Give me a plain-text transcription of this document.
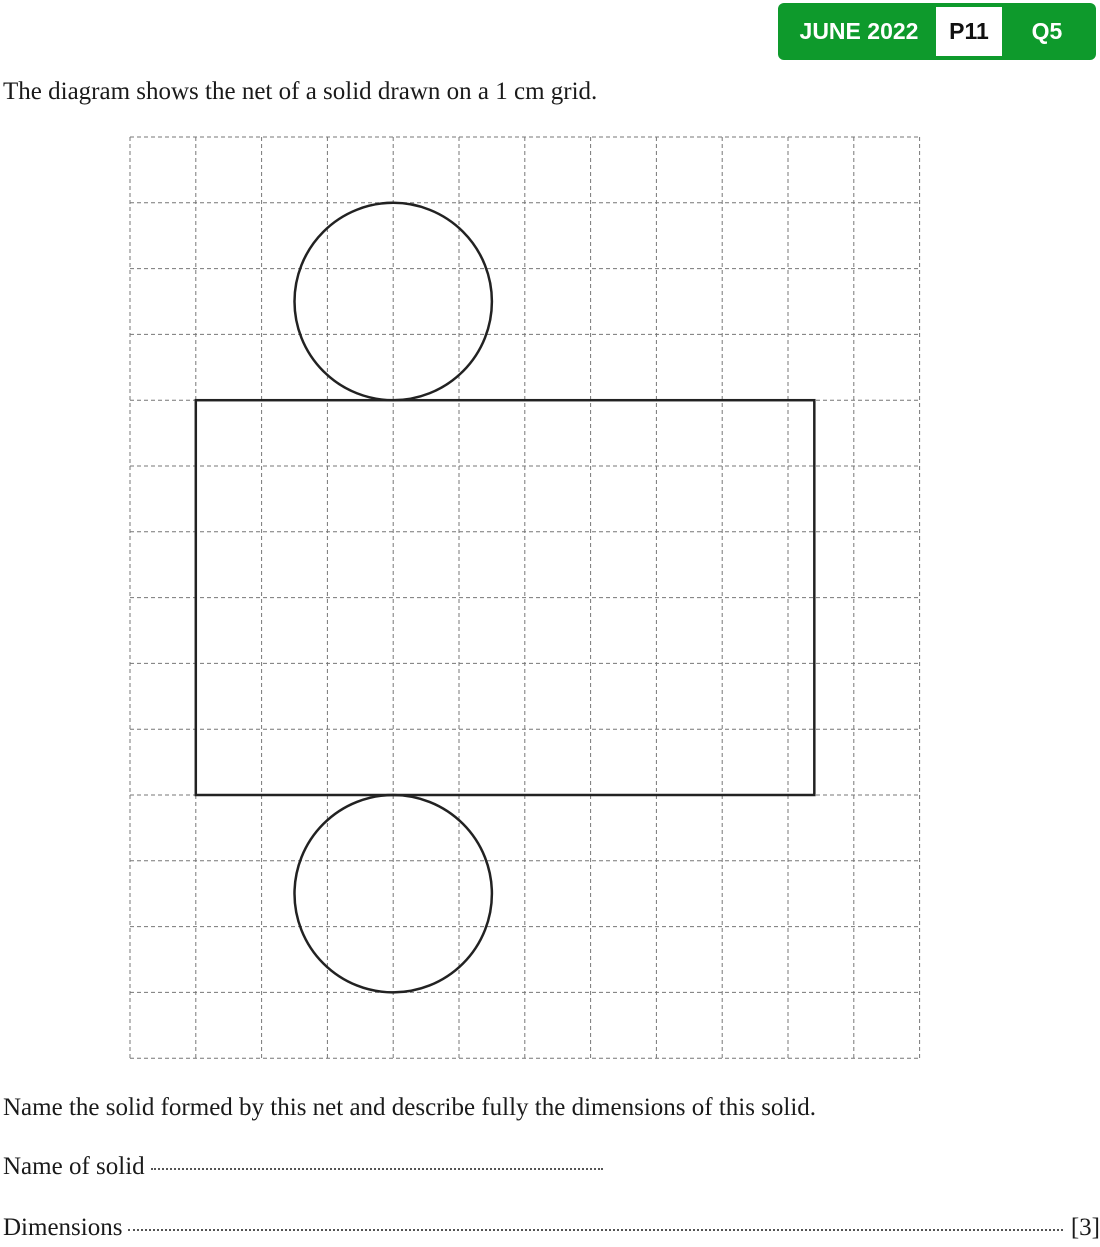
JUNE 2022	P11	Q5
The diagram shows the net of a solid drawn on a 1 cm grid.
Name the solid formed by this net and describe fully the dimensions of this solid.
Name of solid
Dimensions	[3]
